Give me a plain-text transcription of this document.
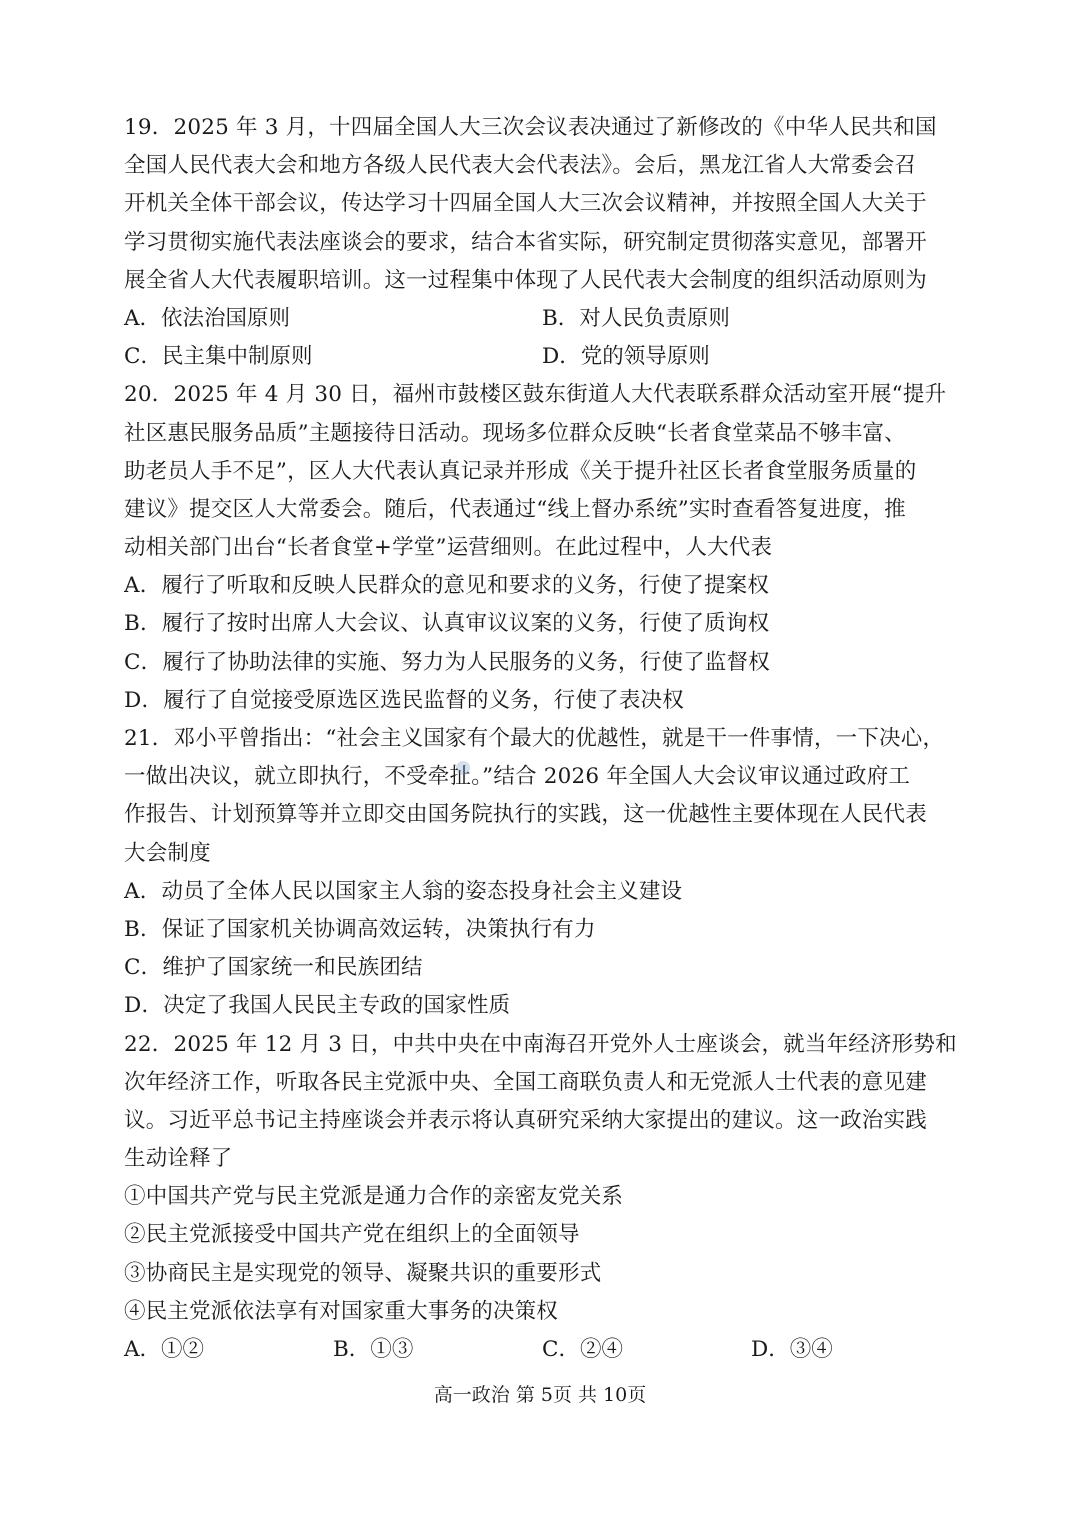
19．2025 年 3 月，十四届全国人大三次会议表决通过了新修改的《中华人民共和国
全国人民代表大会和地方各级人民代表大会代表法》。会后，黑龙江省人大常委会召
开机关全体干部会议，传达学习十四届全国人大三次会议精神，并按照全国人大关于
学习贯彻实施代表法座谈会的要求，结合本省实际，研究制定贯彻落实意见，部署开
展全省人大代表履职培训。这一过程集中体现了人民代表大会制度的组织活动原则为
A．依法治国原则	B．对人民负责原则
C．民主集中制原则	D．党的领导原则
20．2025 年 4 月 30 日，福州市鼓楼区鼓东街道人大代表联系群众活动室开展“提升
社区惠民服务品质”主题接待日活动。现场多位群众反映“长者食堂菜品不够丰富、
助老员人手不足”，区人大代表认真记录并形成《关于提升社区长者食堂服务质量的
建议》提交区人大常委会。随后，代表通过“线上督办系统”实时查看答复进度，推
动相关部门出台“长者食堂+学堂”运营细则。在此过程中，人大代表
A．履行了听取和反映人民群众的意见和要求的义务，行使了提案权
B．履行了按时出席人大会议、认真审议议案的义务，行使了质询权
C．履行了协助法律的实施、努力为人民服务的义务，行使了监督权
D．履行了自觉接受原选区选民监督的义务，行使了表决权
21．邓小平曾指出：“社会主义国家有个最大的优越性，就是干一件事情，一下决心，
一做出决议，就立即执行，不受牵扯。”结合 2026 年全国人大会议审议通过政府工
作报告、计划预算等并立即交由国务院执行的实践，这一优越性主要体现在人民代表
大会制度
A．动员了全体人民以国家主人翁的姿态投身社会主义建设
B．保证了国家机关协调高效运转，决策执行有力
C．维护了国家统一和民族团结
D．决定了我国人民民主专政的国家性质
22．2025 年 12 月 3 日，中共中央在中南海召开党外人士座谈会，就当年经济形势和
次年经济工作，听取各民主党派中央、全国工商联负责人和无党派人士代表的意见建
议。习近平总书记主持座谈会并表示将认真研究采纳大家提出的建议。这一政治实践
生动诠释了
①中国共产党与民主党派是通力合作的亲密友党关系
②民主党派接受中国共产党在组织上的全面领导
③协商民主是实现党的领导、凝聚共识的重要形式
④民主党派依法享有对国家重大事务的决策权
A．①②	B．①③	C．②④	D．③④
高一政治 第 5页 共 10页
